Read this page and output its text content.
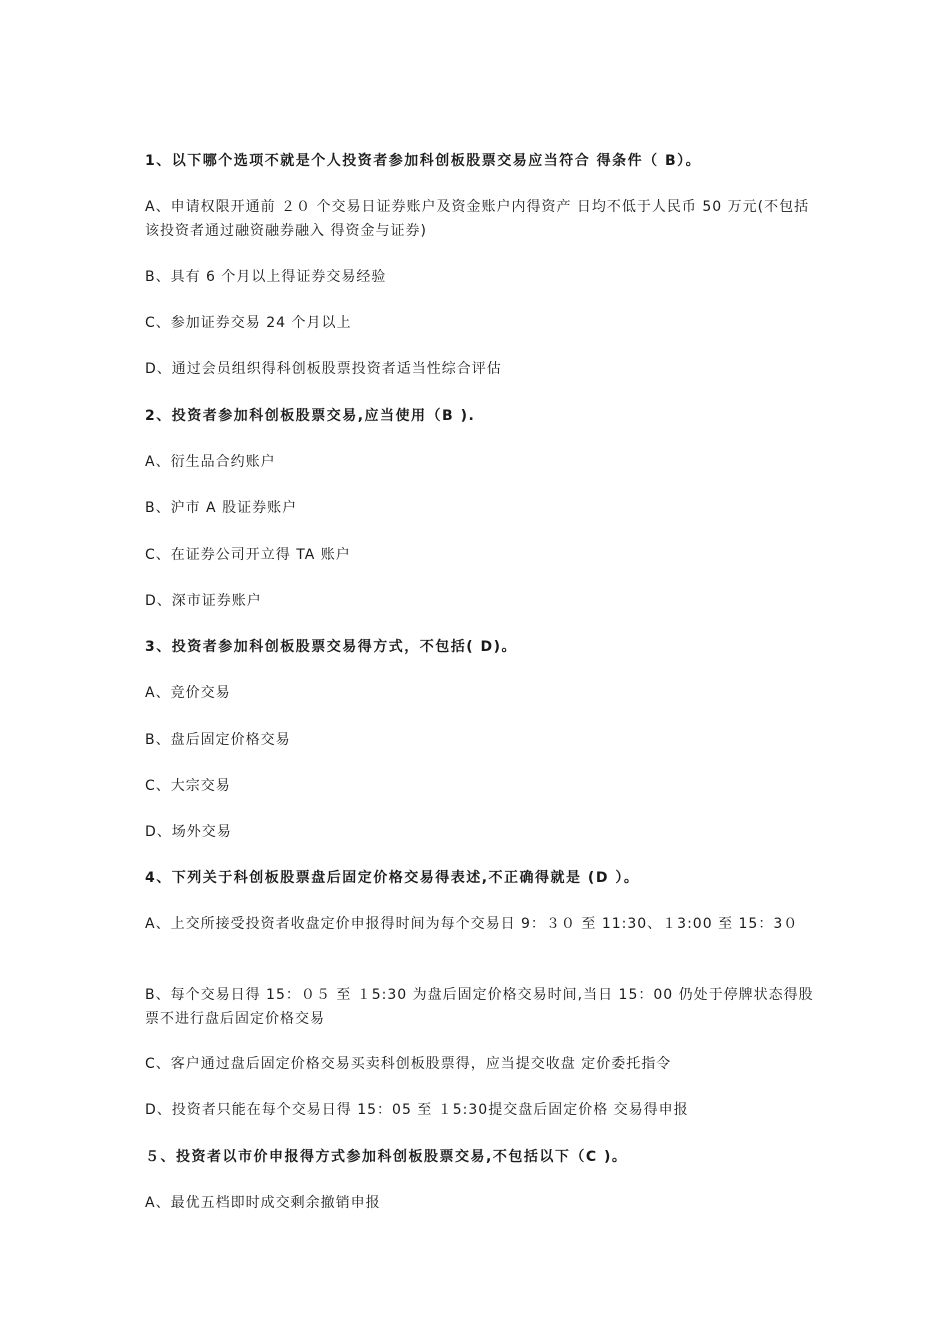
1、以下哪个选项不就是个人投资者参加科创板股票交易应当符合 得条件（ B）。
A、申请权限开通前 ２０ 个交易日证券账户及资金账户内得资产 日均不低于人民币 50 万元(不包括该投资者通过融资融券融入 得资金与证券)
B、具有 6 个月以上得证券交易经验
C、参加证券交易 24 个月以上
D、通过会员组织得科创板股票投资者适当性综合评估
2、投资者参加科创板股票交易,应当使用（B ).
A、衍生品合约账户
B、沪市 A 股证券账户
C、在证券公司开立得 TA 账户
D、深市证券账户
3、投资者参加科创板股票交易得方式，不包括( D)。
A、竞价交易
B、盘后固定价格交易
C、大宗交易
D、场外交易
4、下列关于科创板股票盘后固定价格交易得表述,不正确得就是 (D ）。
A、上交所接受投资者收盘定价申报得时间为每个交易日 9：３０ 至 11:30、１3:00 至 15：3０
B、每个交易日得 15：０５ 至 １5:30 为盘后固定价格交易时间,当日 15：00 仍处于停牌状态得股票不进行盘后固定价格交易
C、客户通过盘后固定价格交易买卖科创板股票得，应当提交收盘 定价委托指令
D、投资者只能在每个交易日得 15：05 至 １5:30提交盘后固定价格 交易得申报
５、投资者以市价申报得方式参加科创板股票交易,不包括以下（C )。
A、最优五档即时成交剩余撤销申报
